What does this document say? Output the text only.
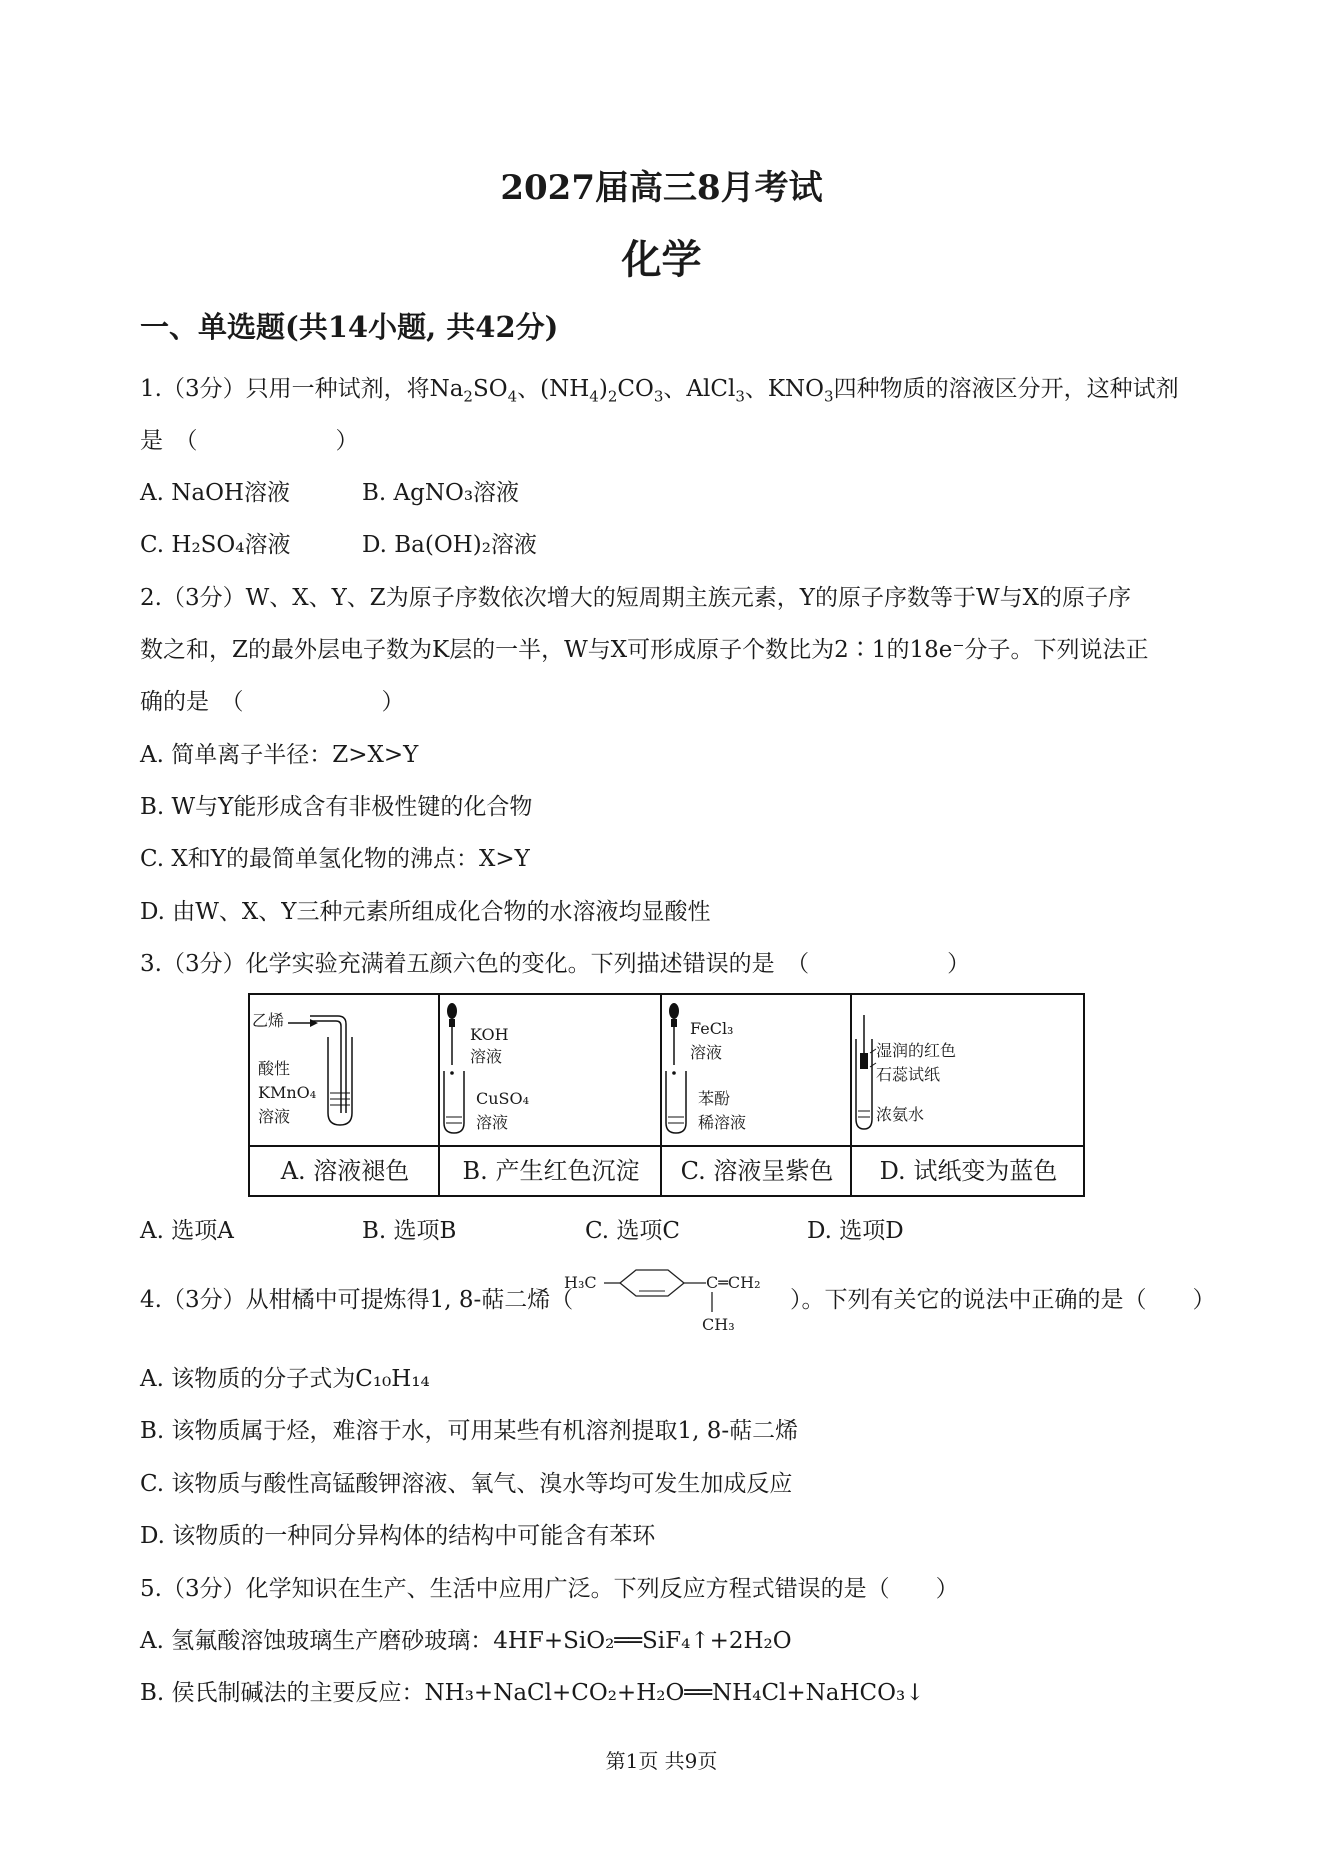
2027届高三8月考试
化学
一、单选题(共14小题, 共42分)
1.（3分）只用一种试剂，将$Na_2SO_4$、$(NH_4)_2CO_3$、AlCl$_3$、$KNO_3$四种物质的溶液区分开，这种试剂
是　（　　　　　　）
A. NaOH溶液	B. AgNO₃溶液
C. H₂SO₄溶液	D. Ba(OH)₂溶液
2.（3分）W、X、Y、Z为原子序数依次增大的短周期主族元素，Y的原子序数等于W与X的原子序
数之和，Z的最外层电子数为K层的一半，W与X可形成原子个数比为2∶1的18e⁻分子。下列说法正
确的是　（　　　　　　）
A. 简单离子半径：Z>X>Y
B. W与Y能形成含有非极性键的化合物
C. X和Y的最简单氢化物的沸点：X>Y
D. 由W、X、Y三种元素所组成化合物的水溶液均显酸性
3.（3分）化学实验充满着五颜六色的变化。下列描述错误的是　（　　　　　　）
乙烯
酸性
KMnO₄
溶液
KOH
溶液
CuSO₄
溶液
FeCl₃
溶液
苯酚
稀溶液
湿润的红色
石蕊试纸
浓氨水
A. 溶液褪色	B. 产生红色沉淀	C. 溶液呈紫色	D. 试纸变为蓝色
A. 选项A	B. 选项B	C. 选项C	D. 选项D
4.（3分）从柑橘中可提炼得1, 8-萜二烯（
H₃C	C═CH₂
CH₃
）。下列有关它的说法中正确的是（　　）
A. 该物质的分子式为C₁₀H₁₄
B. 该物质属于烃，难溶于水，可用某些有机溶剂提取1, 8-萜二烯
C. 该物质与酸性高锰酸钾溶液、氧气、溴水等均可发生加成反应
D. 该物质的一种同分异构体的结构中可能含有苯环
5.（3分）化学知识在生产、生活中应用广泛。下列反应方程式错误的是（　　）
A. 氢氟酸溶蚀玻璃生产磨砂玻璃：4HF+SiO₂══SiF₄↑+2H₂O
B. 侯氏制碱法的主要反应：NH₃+NaCl+CO₂+H₂O══NH₄Cl+NaHCO₃↓
第1页 共9页
